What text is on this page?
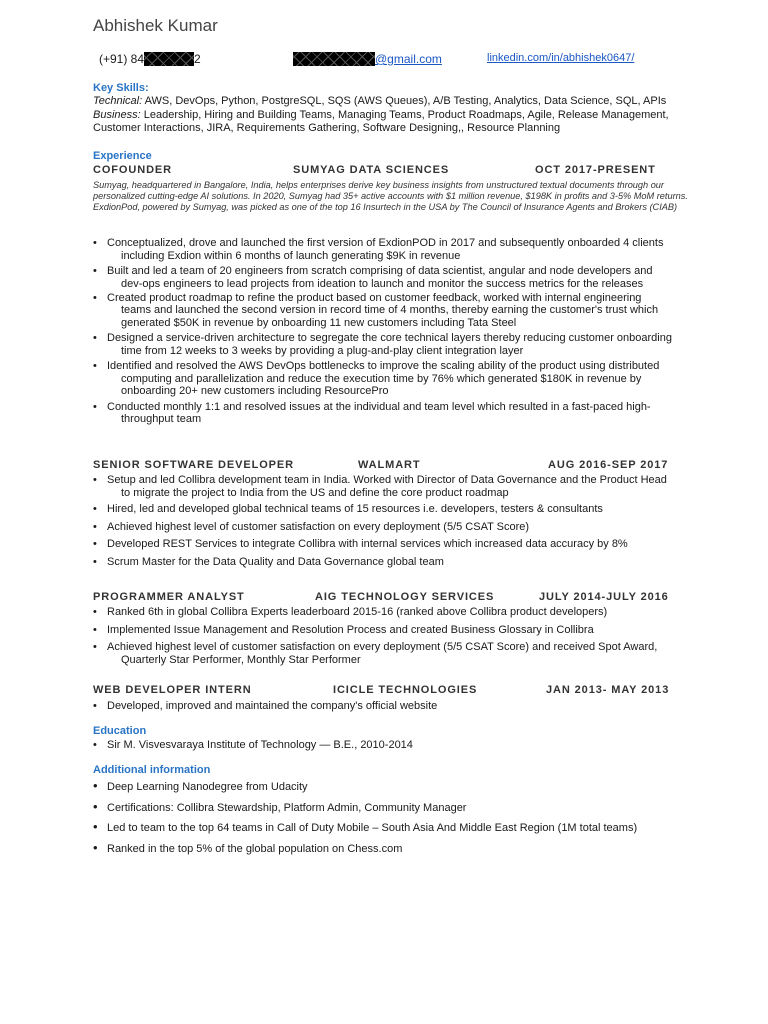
Abhishek Kumar
(+91) 84	2	@gmail.com	linkedin.com/in/abhishek0647/
Key Skills:
Technical: AWS, DevOps, Python, PostgreSQL, SQS (AWS Queues), A/B Testing, Analytics, Data Science, SQL, APIs
Business: Leadership, Hiring and Building Teams, Managing Teams, Product Roadmaps, Agile, Release Management,
Customer Interactions, JIRA, Requirements Gathering, Software Designing,, Resource Planning
Experience
COFOUNDER	SUMYAG DATA SCIENCES	OCT 2017-PRESENT
Sumyag, headquartered in Bangalore, India, helps enterprises derive key business insights from unstructured textual documents through our personalized cutting-edge AI solutions. In 2020, Sumyag had 35+ active accounts with $1 million revenue, $198K in profits and 3-5% MoM returns. ExdionPod, powered by Sumyag, was picked as one of the top 16 Insurtech in the USA by The Council of Insurance Agents and Brokers (CIAB)
• Conceptualized, drove and launched the first version of ExdionPOD in 2017 and subsequently onboarded 4 clients
including Exdion within 6 months of launch generating $9K in revenue
• Built and led a team of 20 engineers from scratch comprising of data scientist, angular and node developers and
dev-ops engineers to lead projects from ideation to launch and monitor the success metrics for the releases
• Created product roadmap to refine the product based on customer feedback, worked with internal engineering
teams and launched the second version in record time of 4 months, thereby earning the customer's trust which
generated $50K in revenue by onboarding 11 new customers including Tata Steel
• Designed a service-driven architecture to segregate the core technical layers thereby reducing customer onboarding
time from 12 weeks to 3 weeks by providing a plug-and-play client integration layer
• Identified and resolved the AWS DevOps bottlenecks to improve the scaling ability of the product using distributed
computing and parallelization and reduce the execution time by 76% which generated $180K in revenue by
onboarding 20+ new customers including ResourcePro
• Conducted monthly 1:1 and resolved issues at the individual and team level which resulted in a fast-paced high-
throughput team
SENIOR SOFTWARE DEVELOPER	WALMART	AUG 2016-SEP 2017
• Setup and led Collibra development team in India. Worked with Director of Data Governance and the Product Head
to migrate the project to India from the US and define the core product roadmap
• Hired, led and developed global technical teams of 15 resources i.e. developers, testers & consultants
• Achieved highest level of customer satisfaction on every deployment (5/5 CSAT Score)
• Developed REST Services to integrate Collibra with internal services which increased data accuracy by 8%
• Scrum Master for the Data Quality and Data Governance global team
PROGRAMMER ANALYST	AIG TECHNOLOGY SERVICES	JULY 2014-JULY 2016
• Ranked 6th in global Collibra Experts leaderboard 2015-16 (ranked above Collibra product developers)
• Implemented Issue Management and Resolution Process and created Business Glossary in Collibra
• Achieved highest level of customer satisfaction on every deployment (5/5 CSAT Score) and received Spot Award,
Quarterly Star Performer, Monthly Star Performer
WEB DEVELOPER INTERN	ICICLE TECHNOLOGIES	JAN 2013- MAY 2013
• Developed, improved and maintained the company's official website
Education
• Sir M. Visvesvaraya Institute of Technology — B.E., 2010-2014
Additional information
• Deep Learning Nanodegree from Udacity
• Certifications: Collibra Stewardship, Platform Admin, Community Manager
• Led to team to the top 64 teams in Call of Duty Mobile – South Asia And Middle East Region (1M total teams)
• Ranked in the top 5% of the global population on Chess.com
